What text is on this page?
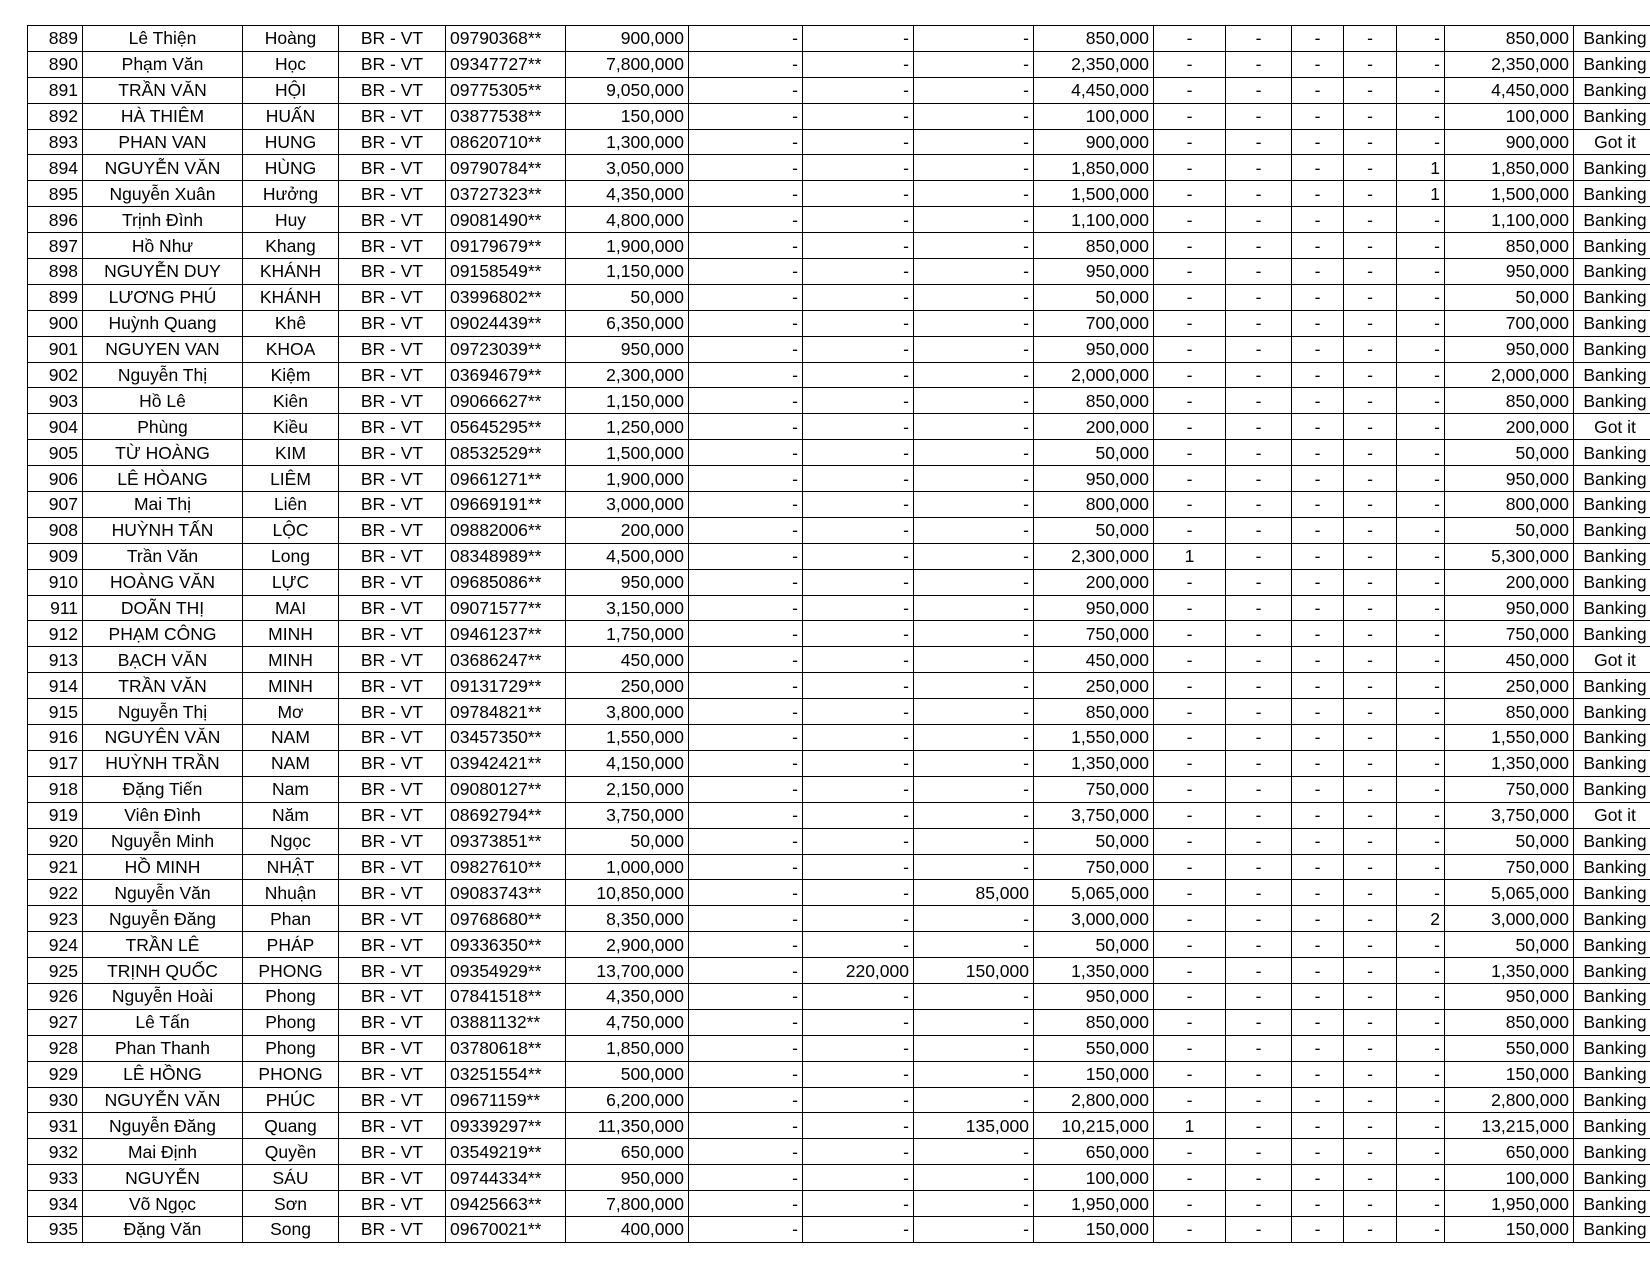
889	Lê Thiện	Hoàng	BR - VT	09790368**	900,000	-	-	-	850,000	-	-	-	-	-	850,000	Banking
890	Phạm Văn	Học	BR - VT	09347727**	7,800,000	-	-	-	2,350,000	-	-	-	-	-	2,350,000	Banking
891	TRẦN VĂN	HỘI	BR - VT	09775305**	9,050,000	-	-	-	4,450,000	-	-	-	-	-	4,450,000	Banking
892	HÀ THIÊM	HUẤN	BR - VT	03877538**	150,000	-	-	-	100,000	-	-	-	-	-	100,000	Banking
893	PHAN VAN	HUNG	BR - VT	08620710**	1,300,000	-	-	-	900,000	-	-	-	-	-	900,000	Got it
894	NGUYỄN VĂN	HÙNG	BR - VT	09790784**	3,050,000	-	-	-	1,850,000	-	-	-	-	1	1,850,000	Banking
895	Nguyễn Xuân	Hưởng	BR - VT	03727323**	4,350,000	-	-	-	1,500,000	-	-	-	-	1	1,500,000	Banking
896	Trịnh Đình	Huy	BR - VT	09081490**	4,800,000	-	-	-	1,100,000	-	-	-	-	-	1,100,000	Banking
897	Hồ Như	Khang	BR - VT	09179679**	1,900,000	-	-	-	850,000	-	-	-	-	-	850,000	Banking
898	NGUYỄN DUY	KHÁNH	BR - VT	09158549**	1,150,000	-	-	-	950,000	-	-	-	-	-	950,000	Banking
899	LƯƠNG PHÚ	KHÁNH	BR - VT	03996802**	50,000	-	-	-	50,000	-	-	-	-	-	50,000	Banking
900	Huỳnh Quang	Khê	BR - VT	09024439**	6,350,000	-	-	-	700,000	-	-	-	-	-	700,000	Banking
901	NGUYEN VAN	KHOA	BR - VT	09723039**	950,000	-	-	-	950,000	-	-	-	-	-	950,000	Banking
902	Nguyễn Thị	Kiệm	BR - VT	03694679**	2,300,000	-	-	-	2,000,000	-	-	-	-	-	2,000,000	Banking
903	Hồ Lê	Kiên	BR - VT	09066627**	1,150,000	-	-	-	850,000	-	-	-	-	-	850,000	Banking
904	Phùng	Kiều	BR - VT	05645295**	1,250,000	-	-	-	200,000	-	-	-	-	-	200,000	Got it
905	TỪ HOÀNG	KIM	BR - VT	08532529**	1,500,000	-	-	-	50,000	-	-	-	-	-	50,000	Banking
906	LÊ HÒANG	LIÊM	BR - VT	09661271**	1,900,000	-	-	-	950,000	-	-	-	-	-	950,000	Banking
907	Mai Thị	Liên	BR - VT	09669191**	3,000,000	-	-	-	800,000	-	-	-	-	-	800,000	Banking
908	HUỲNH TẤN	LỘC	BR - VT	09882006**	200,000	-	-	-	50,000	-	-	-	-	-	50,000	Banking
909	Trần Văn	Long	BR - VT	08348989**	4,500,000	-	-	-	2,300,000	1	-	-	-	-	5,300,000	Banking
910	HOÀNG VĂN	LỰC	BR - VT	09685086**	950,000	-	-	-	200,000	-	-	-	-	-	200,000	Banking
911	DOÃN THỊ	MAI	BR - VT	09071577**	3,150,000	-	-	-	950,000	-	-	-	-	-	950,000	Banking
912	PHẠM CÔNG	MINH	BR - VT	09461237**	1,750,000	-	-	-	750,000	-	-	-	-	-	750,000	Banking
913	BẠCH VĂN	MINH	BR - VT	03686247**	450,000	-	-	-	450,000	-	-	-	-	-	450,000	Got it
914	TRẦN VĂN	MINH	BR - VT	09131729**	250,000	-	-	-	250,000	-	-	-	-	-	250,000	Banking
915	Nguyễn Thị	Mơ	BR - VT	09784821**	3,800,000	-	-	-	850,000	-	-	-	-	-	850,000	Banking
916	NGUYÊN VĂN	NAM	BR - VT	03457350**	1,550,000	-	-	-	1,550,000	-	-	-	-	-	1,550,000	Banking
917	HUỲNH TRẦN	NAM	BR - VT	03942421**	4,150,000	-	-	-	1,350,000	-	-	-	-	-	1,350,000	Banking
918	Đặng Tiến	Nam	BR - VT	09080127**	2,150,000	-	-	-	750,000	-	-	-	-	-	750,000	Banking
919	Viên Đình	Năm	BR - VT	08692794**	3,750,000	-	-	-	3,750,000	-	-	-	-	-	3,750,000	Got it
920	Nguyễn Minh	Ngọc	BR - VT	09373851**	50,000	-	-	-	50,000	-	-	-	-	-	50,000	Banking
921	HỒ MINH	NHẬT	BR - VT	09827610**	1,000,000	-	-	-	750,000	-	-	-	-	-	750,000	Banking
922	Nguyễn Văn	Nhuận	BR - VT	09083743**	10,850,000	-	-	85,000	5,065,000	-	-	-	-	-	5,065,000	Banking
923	Nguyễn Đăng	Phan	BR - VT	09768680**	8,350,000	-	-	-	3,000,000	-	-	-	-	2	3,000,000	Banking
924	TRẦN LÊ	PHÁP	BR - VT	09336350**	2,900,000	-	-	-	50,000	-	-	-	-	-	50,000	Banking
925	TRỊNH QUỐC	PHONG	BR - VT	09354929**	13,700,000	-	220,000	150,000	1,350,000	-	-	-	-	-	1,350,000	Banking
926	Nguyễn Hoài	Phong	BR - VT	07841518**	4,350,000	-	-	-	950,000	-	-	-	-	-	950,000	Banking
927	Lê Tấn	Phong	BR - VT	03881132**	4,750,000	-	-	-	850,000	-	-	-	-	-	850,000	Banking
928	Phan Thanh	Phong	BR - VT	03780618**	1,850,000	-	-	-	550,000	-	-	-	-	-	550,000	Banking
929	LÊ HỒNG	PHONG	BR - VT	03251554**	500,000	-	-	-	150,000	-	-	-	-	-	150,000	Banking
930	NGUYỄN VĂN	PHÚC	BR - VT	09671159**	6,200,000	-	-	-	2,800,000	-	-	-	-	-	2,800,000	Banking
931	Nguyễn Đăng	Quang	BR - VT	09339297**	11,350,000	-	-	135,000	10,215,000	1	-	-	-	-	13,215,000	Banking
932	Mai Định	Quyền	BR - VT	03549219**	650,000	-	-	-	650,000	-	-	-	-	-	650,000	Banking
933	NGUYỄN	SÁU	BR - VT	09744334**	950,000	-	-	-	100,000	-	-	-	-	-	100,000	Banking
934	Võ Ngọc	Sơn	BR - VT	09425663**	7,800,000	-	-	-	1,950,000	-	-	-	-	-	1,950,000	Banking
935	Đặng Văn	Song	BR - VT	09670021**	400,000	-	-	-	150,000	-	-	-	-	-	150,000	Banking
